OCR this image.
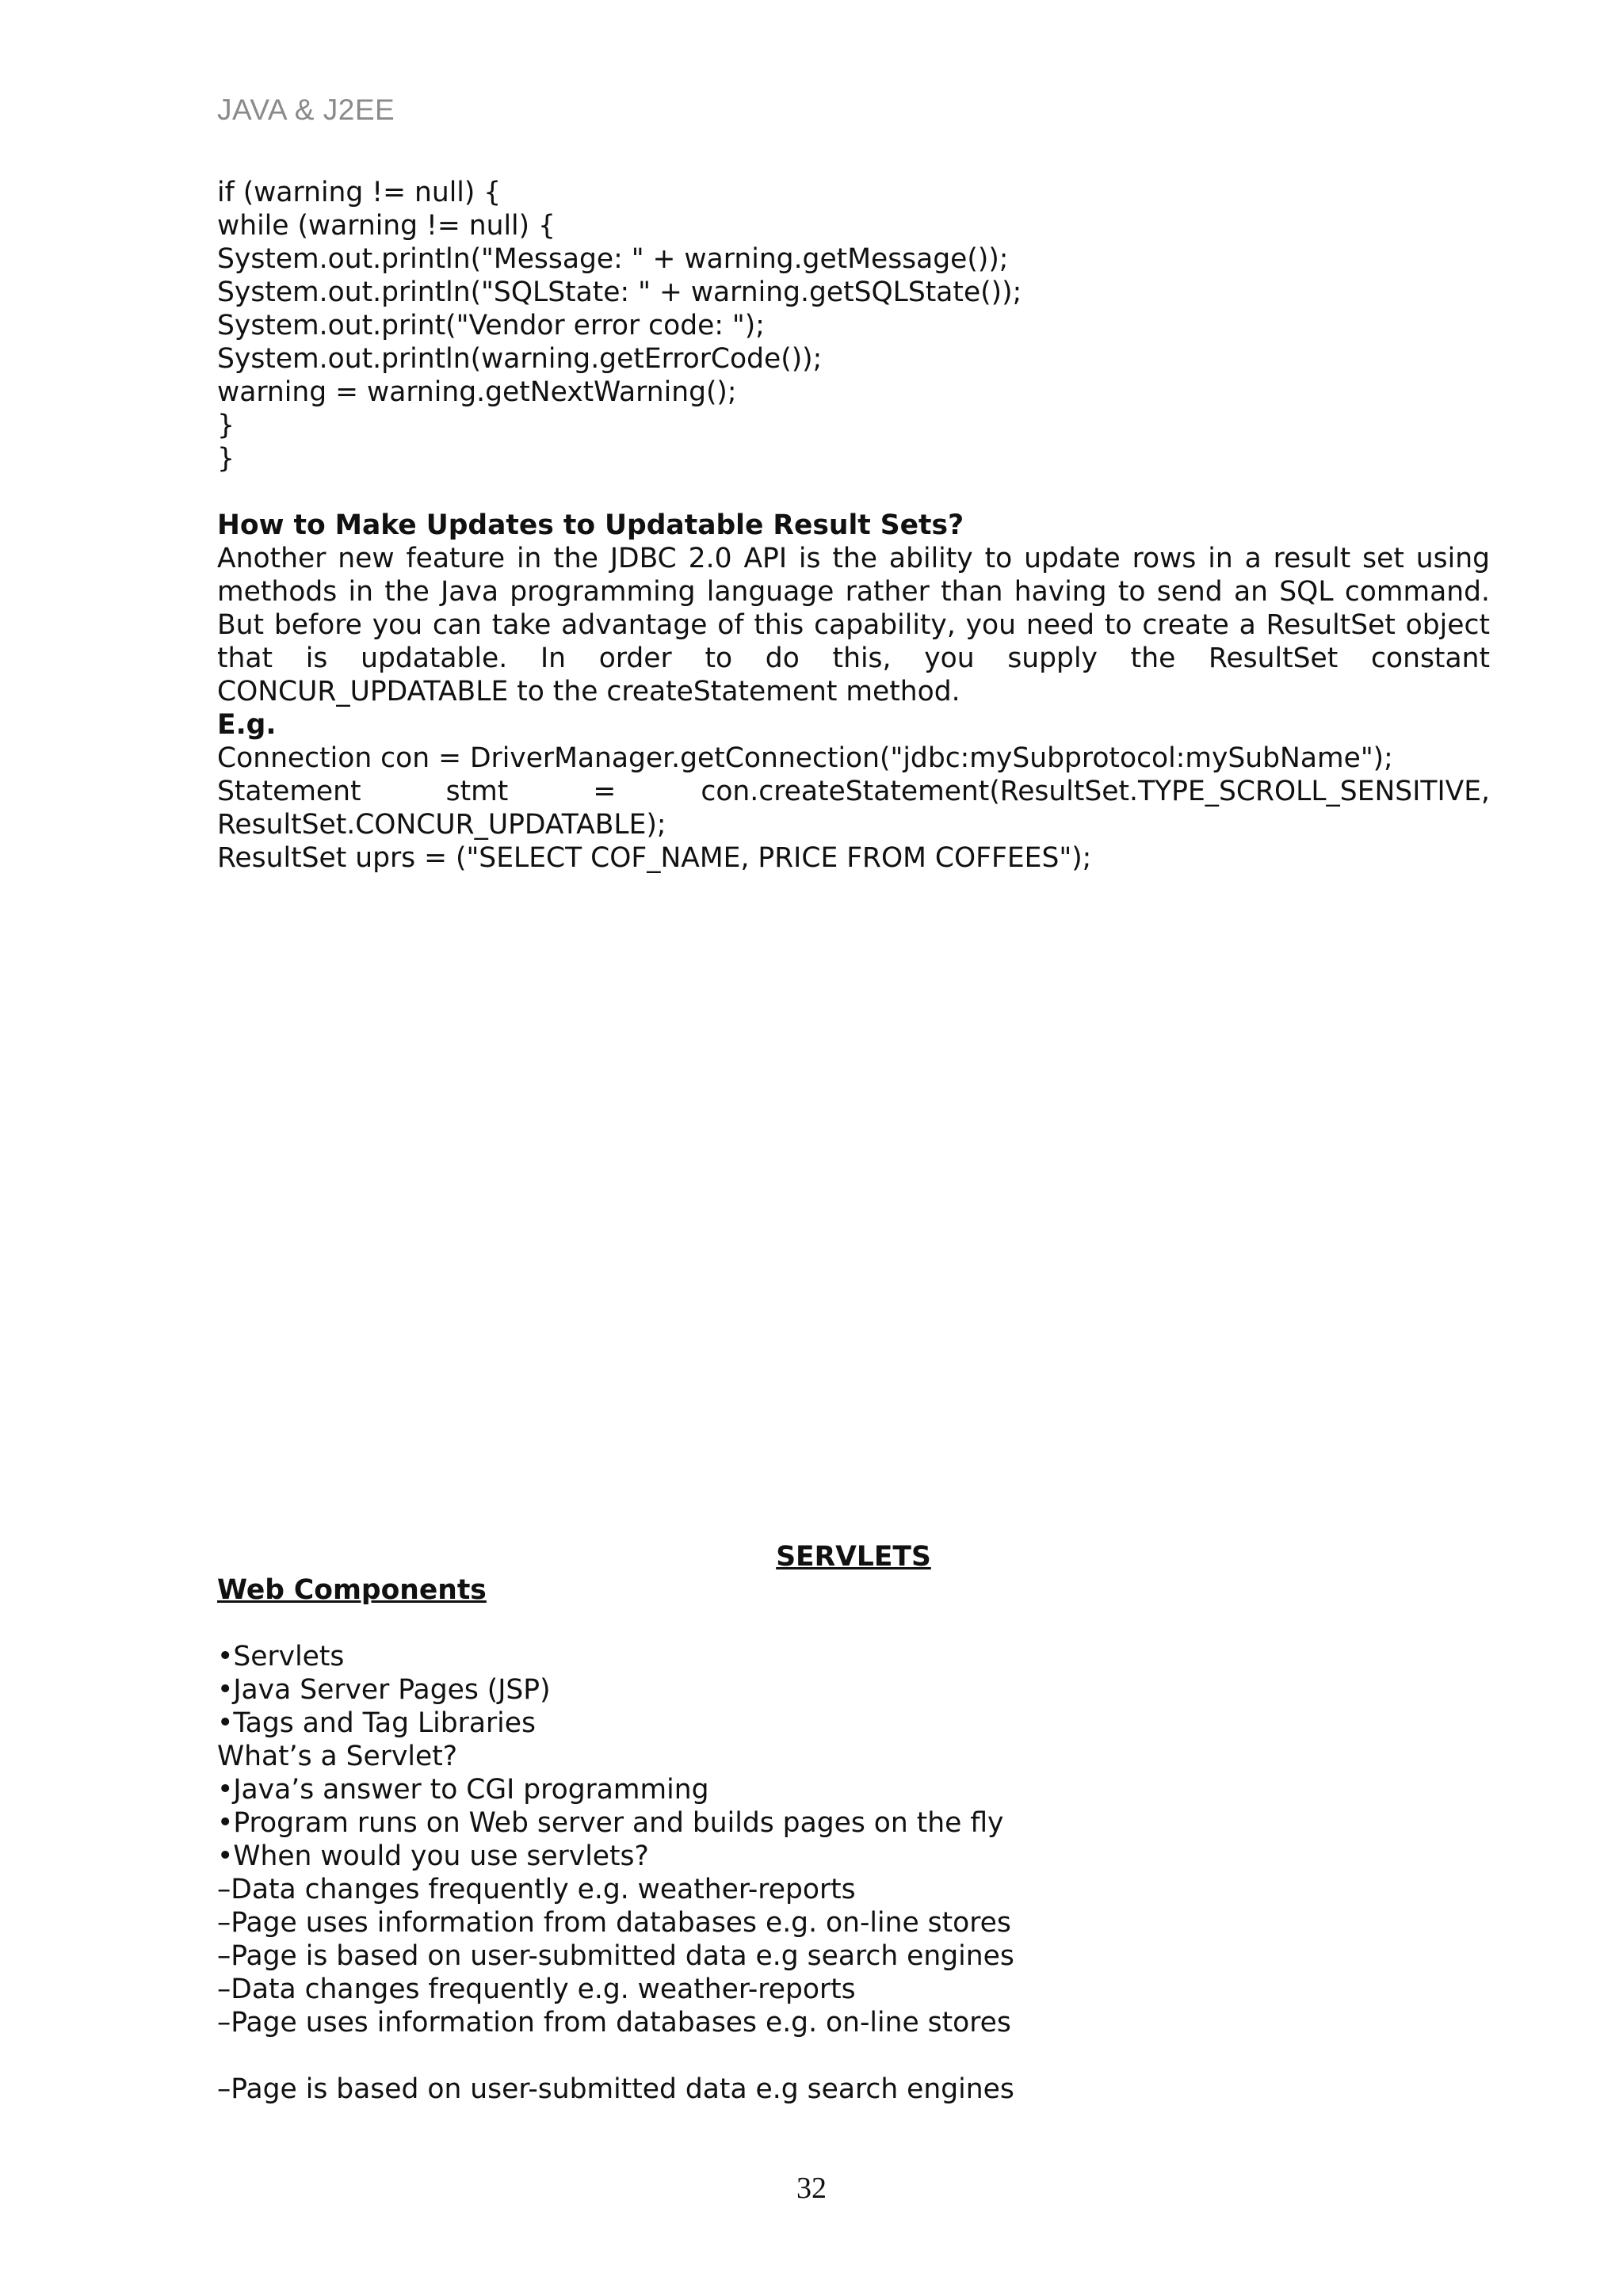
JAVA & J2EE
if (warning != null) {
while (warning != null) {
System.out.println("Message: " + warning.getMessage());
System.out.println("SQLState: " + warning.getSQLState());
System.out.print("Vendor error code: ");
System.out.println(warning.getErrorCode());
warning = warning.getNextWarning();
}
}
How to Make Updates to Updatable Result Sets?
Another new feature in the JDBC 2.0 API is the ability to update rows in a result set using
methods in the Java programming language rather than having to send an SQL command.
But before you can take advantage of this capability, you need to create a ResultSet object
that is updatable. In order to do this, you supply the ResultSet constant
CONCUR_UPDATABLE to the createStatement method.
E.g.
Connection con = DriverManager.getConnection("jdbc:mySubprotocol:mySubName");
Statement stmt = con.createStatement(ResultSet.TYPE_SCROLL_SENSITIVE,
ResultSet.CONCUR_UPDATABLE);
ResultSet uprs = ("SELECT COF_NAME, PRICE FROM COFFEES");
SERVLETS
Web Components
•Servlets
•Java Server Pages (JSP)
•Tags and Tag Libraries
What’s a Servlet?
•Java’s answer to CGI programming
•Program runs on Web server and builds pages on the fly
•When would you use servlets?
–Data changes frequently e.g. weather-reports
–Page uses information from databases e.g. on-line stores
–Page is based on user-submitted data e.g search engines
–Data changes frequently e.g. weather-reports
–Page uses information from databases e.g. on-line stores
–Page is based on user-submitted data e.g search engines
32
